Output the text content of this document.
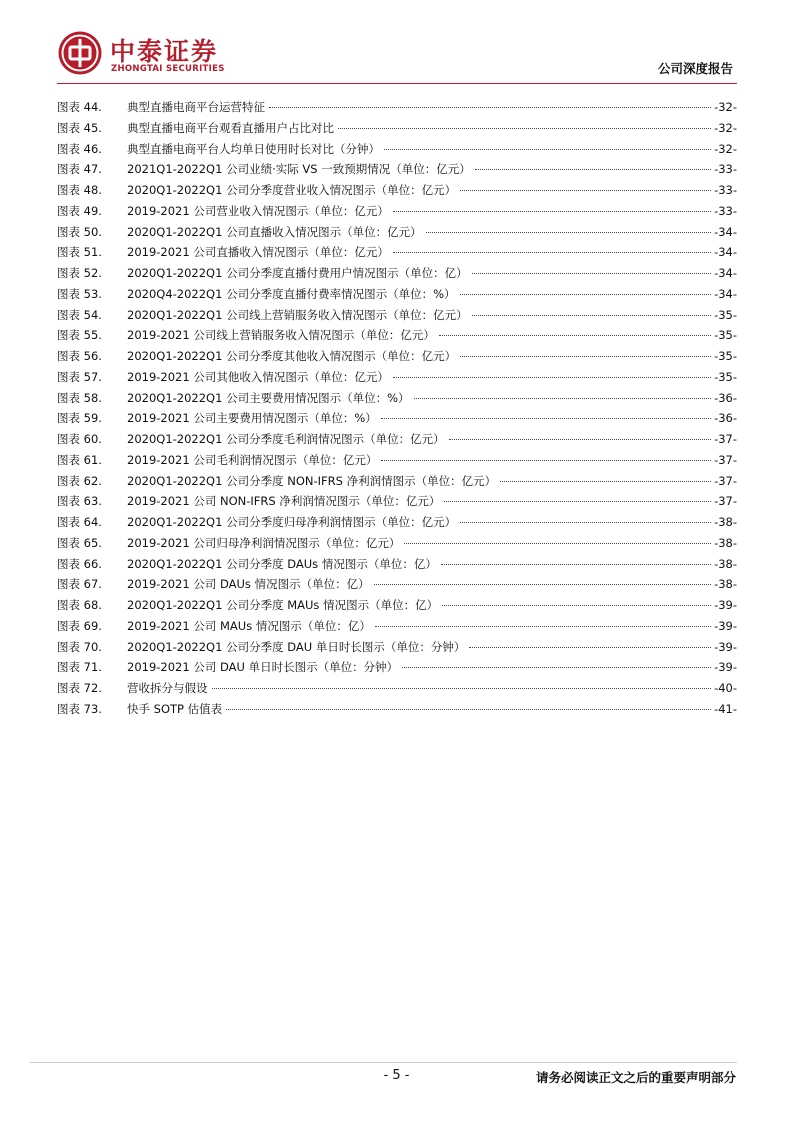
中泰证券
ZHONGTAI SECURITIES	公司深度报告
图表 44.	典型直播电商平台运营特征	-32-
图表 45.	典型直播电商平台观看直播用户占比对比	-32-
图表 46.	典型直播电商平台人均单日使用时长对比（分钟）	-32-
图表 47.	2021Q1-2022Q1 公司业绩·实际 VS 一致预期情况（单位：亿元）	-33-
图表 48.	2020Q1-2022Q1 公司分季度营业收入情况图示（单位：亿元）	-33-
图表 49.	2019-2021 公司营业收入情况图示（单位：亿元）	-33-
图表 50.	2020Q1-2022Q1 公司直播收入情况图示（单位：亿元）	-34-
图表 51.	2019-2021 公司直播收入情况图示（单位：亿元）	-34-
图表 52.	2020Q1-2022Q1 公司分季度直播付费用户情况图示（单位：亿）	-34-
图表 53.	2020Q4-2022Q1 公司分季度直播付费率情况图示（单位：%）	-34-
图表 54.	2020Q1-2022Q1 公司线上营销服务收入情况图示（单位：亿元）	-35-
图表 55.	2019-2021 公司线上营销服务收入情况图示（单位：亿元）	-35-
图表 56.	2020Q1-2022Q1 公司分季度其他收入情况图示（单位：亿元）	-35-
图表 57.	2019-2021 公司其他收入情况图示（单位：亿元）	-35-
图表 58.	2020Q1-2022Q1 公司主要费用情况图示（单位：%）	-36-
图表 59.	2019-2021 公司主要费用情况图示（单位：%）	-36-
图表 60.	2020Q1-2022Q1 公司分季度毛利润情况图示（单位：亿元）	-37-
图表 61.	2019-2021 公司毛利润情况图示（单位：亿元）	-37-
图表 62.	2020Q1-2022Q1 公司分季度 NON-IFRS 净利润情图示（单位：亿元）	-37-
图表 63.	2019-2021 公司 NON-IFRS 净利润情况图示（单位：亿元）	-37-
图表 64.	2020Q1-2022Q1 公司分季度归母净利润情图示（单位：亿元）	-38-
图表 65.	2019-2021 公司归母净利润情况图示（单位：亿元）	-38-
图表 66.	2020Q1-2022Q1 公司分季度 DAUs 情况图示（单位：亿）	-38-
图表 67.	2019-2021 公司 DAUs 情况图示（单位：亿）	-38-
图表 68.	2020Q1-2022Q1 公司分季度 MAUs 情况图示（单位：亿）	-39-
图表 69.	2019-2021 公司 MAUs 情况图示（单位：亿）	-39-
图表 70.	2020Q1-2022Q1 公司分季度 DAU 单日时长图示（单位：分钟）	-39-
图表 71.	2019-2021 公司 DAU 单日时长图示（单位：分钟）	-39-
图表 72.	营收拆分与假设	-40-
图表 73.	快手 SOTP 估值表	-41-
- 5 -	请务必阅读正文之后的重要声明部分
